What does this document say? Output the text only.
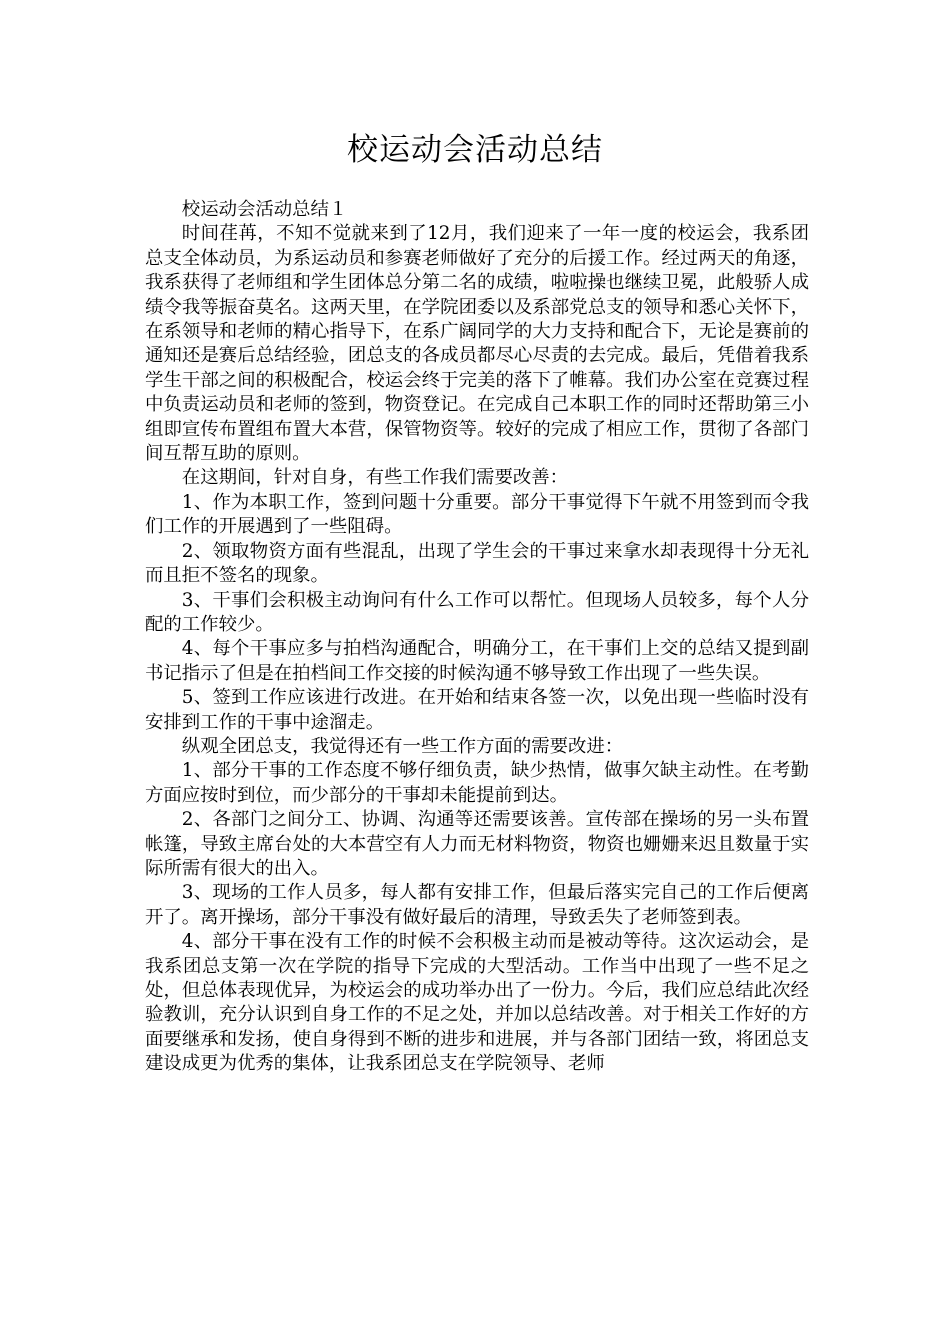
校运动会活动总结

校运动会活动总结１

时间荏苒，不知不觉就来到了12月，我们迎来了一年一度的校运会，我系团总支全体动员，为系运动员和参赛老师做好了充分的后援工作。经过两天的角逐，我系获得了老师组和学生团体总分第二名的成绩，啦啦操也继续卫冕，此般骄人成绩令我等振奋莫名。这两天里，在学院团委以及系部党总支的领导和悉心关怀下，在系领导和老师的精心指导下，在系广阔同学的大力支持和配合下，无论是赛前的通知还是赛后总结经验，团总支的各成员都尽心尽责的去完成。最后，凭借着我系学生干部之间的积极配合，校运会终于完美的落下了帷幕。我们办公室在竞赛过程中负责运动员和老师的签到，物资登记。在完成自己本职工作的同时还帮助第三小组即宣传布置组布置大本营，保管物资等。较好的完成了相应工作，贯彻了各部门间互帮互助的原则。

在这期间，针对自身，有些工作我们需要改善：

1、作为本职工作，签到问题十分重要。部分干事觉得下午就不用签到而令我们工作的开展遇到了一些阻碍。

2、领取物资方面有些混乱，出现了学生会的干事过来拿水却表现得十分无礼而且拒不签名的现象。

3、干事们会积极主动询问有什么工作可以帮忙。但现场人员较多，每个人分配的工作较少。

4、每个干事应多与拍档沟通配合，明确分工，在干事们上交的总结又提到副书记指示了但是在拍档间工作交接的时候沟通不够导致工作出现了一些失误。

5、签到工作应该进行改进。在开始和结束各签一次，以免出现一些临时没有安排到工作的干事中途溜走。

纵观全团总支，我觉得还有一些工作方面的需要改进：

1、部分干事的工作态度不够仔细负责，缺少热情，做事欠缺主动性。在考勤方面应按时到位，而少部分的干事却未能提前到达。

2、各部门之间分工、协调、沟通等还需要该善。宣传部在操场的另一头布置帐篷，导致主席台处的大本营空有人力而无材料物资，物资也姗姗来迟且数量于实际所需有很大的出入。

3、现场的工作人员多，每人都有安排工作，但最后落实完自己的工作后便离开了。离开操场，部分干事没有做好最后的清理，导致丢失了老师签到表。

4、部分干事在没有工作的时候不会积极主动而是被动等待。这次运动会，是我系团总支第一次在学院的指导下完成的大型活动。工作当中出现了一些不足之处，但总体表现优异，为校运会的成功举办出了一份力。今后，我们应总结此次经验教训，充分认识到自身工作的不足之处，并加以总结改善。对于相关工作好的方面要继承和发扬，使自身得到不断的进步和进展，并与各部门团结一致，将团总支建设成更为优秀的集体，让我系团总支在学院领导、老师
